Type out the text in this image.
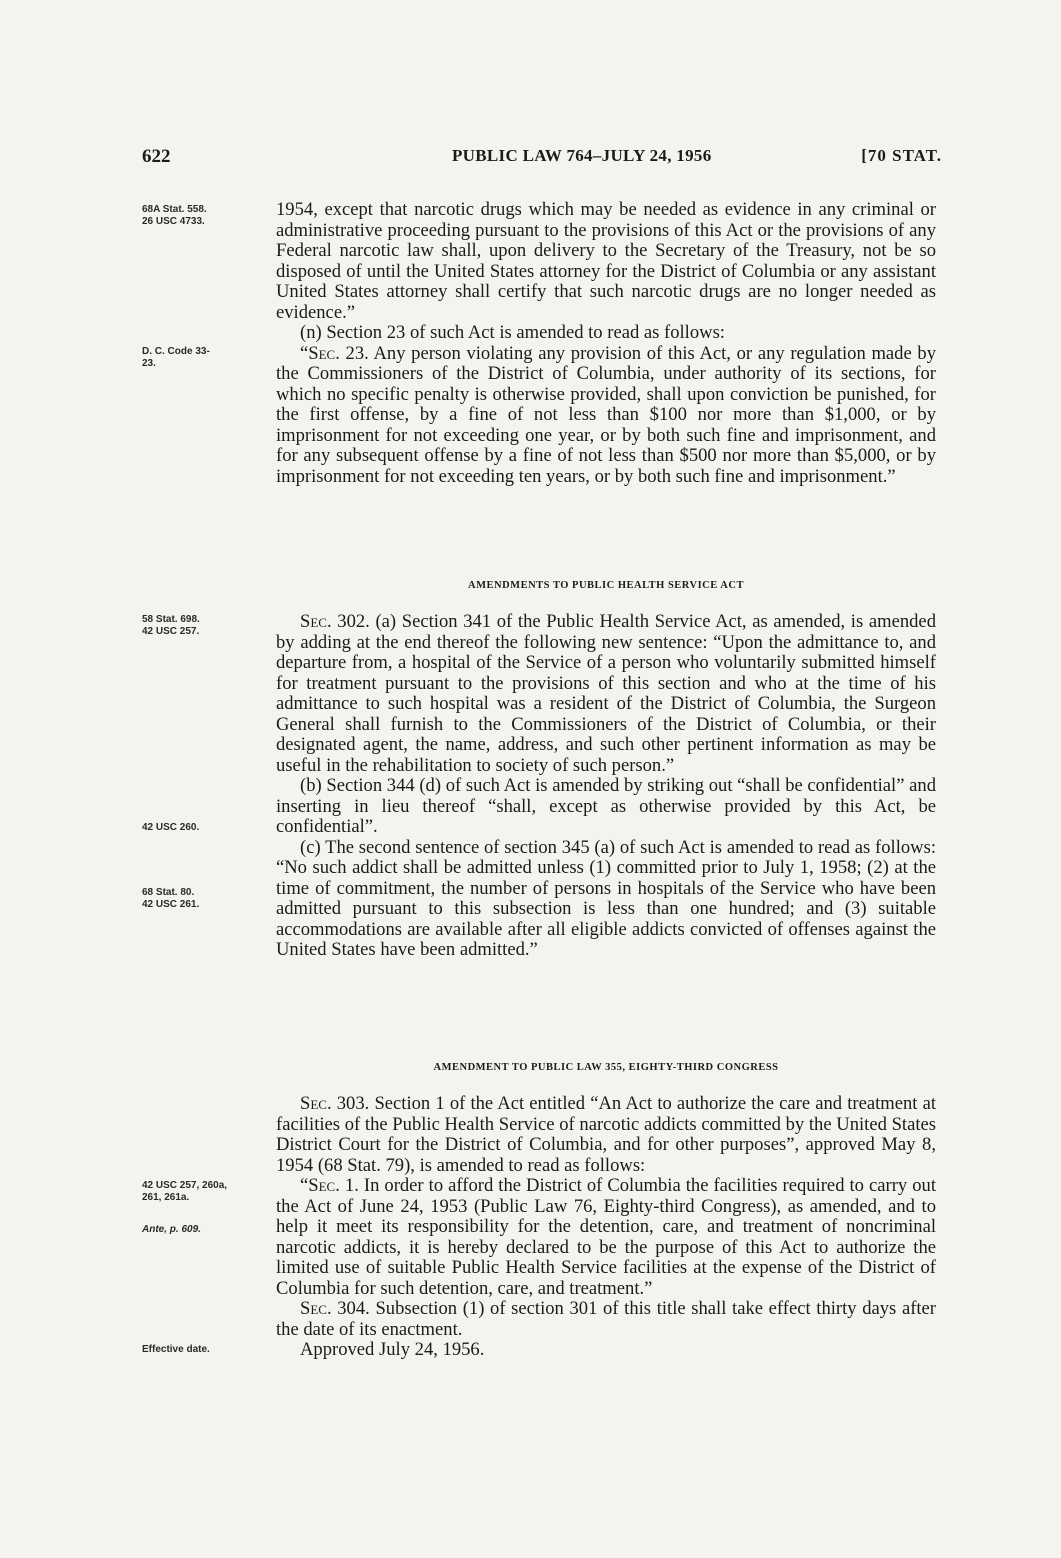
622	PUBLIC LAW 764–JULY 24, 1956	[70 STAT.
68A Stat. 558.
26 USC 4733.
D. C. Code 33-
23.
58 Stat. 698.
42 USC 257.
42 USC 260.
68 Stat. 80.
42 USC 261.
42 USC 257, 260a,
261, 261a.
Ante, p. 609.
Effective date.

1954, except that narcotic drugs which may be needed as evidence in any criminal or administrative proceeding pursuant to the provisions of this Act or the provisions of any Federal narcotic law shall, upon delivery to the Secretary of the Treasury, not be so disposed of until the United States attorney for the District of Columbia or any assistant United States attorney shall certify that such narcotic drugs are no longer needed as evidence.”

(n) Section 23 of such Act is amended to read as follows:

“Sec. 23. Any person violating any provision of this Act, or any regulation made by the Commissioners of the District of Columbia, under authority of its sections, for which no specific penalty is otherwise provided, shall upon conviction be punished, for the first offense, by a fine of not less than $100 nor more than $1,000, or by imprisonment for not exceeding one year, or by both such fine and imprisonment, and for any subsequent offense by a fine of not less than $500 nor more than $5,000, or by imprisonment for not exceeding ten years, or by both such fine and imprisonment.”

AMENDMENTS TO PUBLIC HEALTH SERVICE ACT

Sec. 302. (a) Section 341 of the Public Health Service Act, as amended, is amended by adding at the end thereof the following new sentence: “Upon the admittance to, and departure from, a hospital of the Service of a person who voluntarily submitted himself for treatment pursuant to the provisions of this section and who at the time of his admittance to such hospital was a resident of the District of Columbia, the Surgeon General shall furnish to the Commissioners of the District of Columbia, or their designated agent, the name, address, and such other pertinent information as may be useful in the rehabilitation to society of such person.”

(b) Section 344 (d) of such Act is amended by striking out “shall be confidential” and inserting in lieu thereof “shall, except as otherwise provided by this Act, be confidential”.

(c) The second sentence of section 345 (a) of such Act is amended to read as follows: “No such addict shall be admitted unless (1) committed prior to July 1, 1958; (2) at the time of commitment, the number of persons in hospitals of the Service who have been admitted pursuant to this subsection is less than one hundred; and (3) suitable accommodations are available after all eligible addicts convicted of offenses against the United States have been admitted.”

AMENDMENT TO PUBLIC LAW 355, EIGHTY-THIRD CONGRESS

Sec. 303. Section 1 of the Act entitled “An Act to authorize the care and treatment at facilities of the Public Health Service of narcotic addicts committed by the United States District Court for the District of Columbia, and for other purposes”, approved May 8, 1954 (68 Stat. 79), is amended to read as follows:

“Sec. 1. In order to afford the District of Columbia the facilities required to carry out the Act of June 24, 1953 (Public Law 76, Eighty-third Congress), as amended, and to help it meet its responsibility for the detention, care, and treatment of noncriminal narcotic addicts, it is hereby declared to be the purpose of this Act to authorize the limited use of suitable Public Health Service facilities at the expense of the District of Columbia for such detention, care, and treatment.”

Sec. 304. Subsection (1) of section 301 of this title shall take effect thirty days after the date of its enactment.

Approved July 24, 1956.
